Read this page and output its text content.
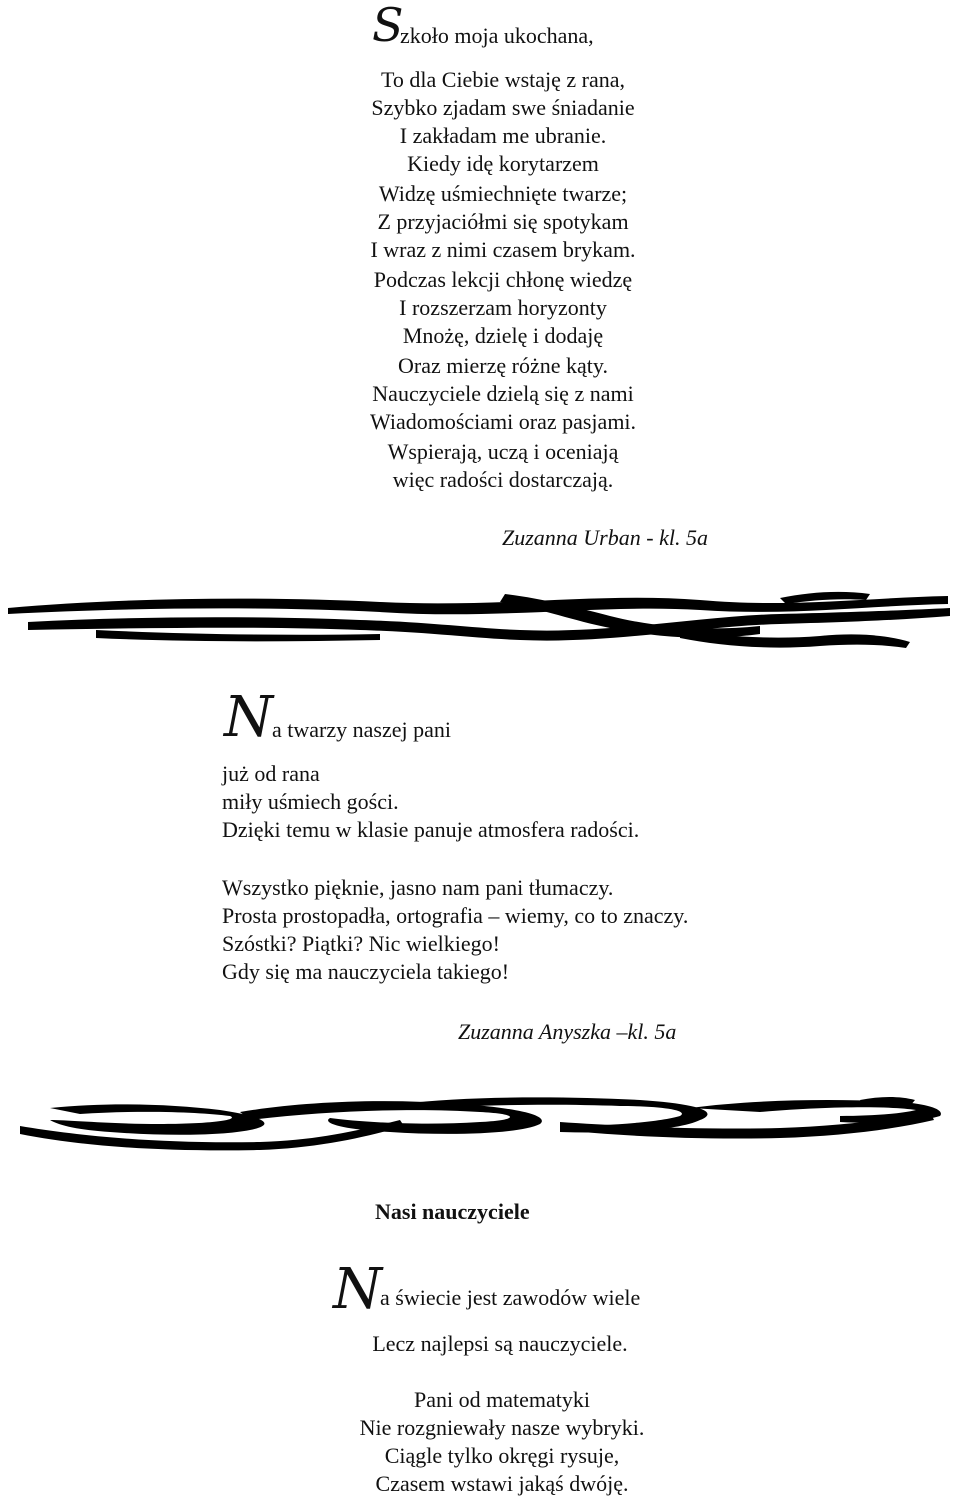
S
zkoło moja ukochana,
To dla Ciebie wstaję z rana,
Szybko zjadam swe śniadanie
I zakładam me ubranie.
Kiedy idę korytarzem
Widzę uśmiechnięte twarze;
Z przyjaciółmi się spotykam
I wraz z nimi czasem brykam.
Podczas lekcji chłonę wiedzę
I rozszerzam horyzonty
Mnożę, dzielę i dodaję
Oraz mierzę różne kąty.
Nauczyciele dzielą się z nami
Wiadomościami oraz pasjami.
Wspierają, uczą i oceniają
więc radości dostarczają.
Zuzanna Urban - kl. 5a
N a twarzy naszej pani
już od rana
miły uśmiech gości.
Dzięki temu w klasie panuje atmosfera radości.
Wszystko pięknie, jasno nam pani tłumaczy.
Prosta prostopadła, ortografia – wiemy, co to znaczy.
Szóstki? Piątki? Nic wielkiego!
Gdy się ma nauczyciela takiego!
Zuzanna Anyszka –kl. 5a
Nasi nauczyciele
N
a świecie jest zawodów wiele
Lecz najlepsi są nauczyciele.
Pani od matematyki
Nie rozgniewały nasze wybryki.
Ciągle tylko okręgi rysuje,
Czasem wstawi jakąś dwóję.
